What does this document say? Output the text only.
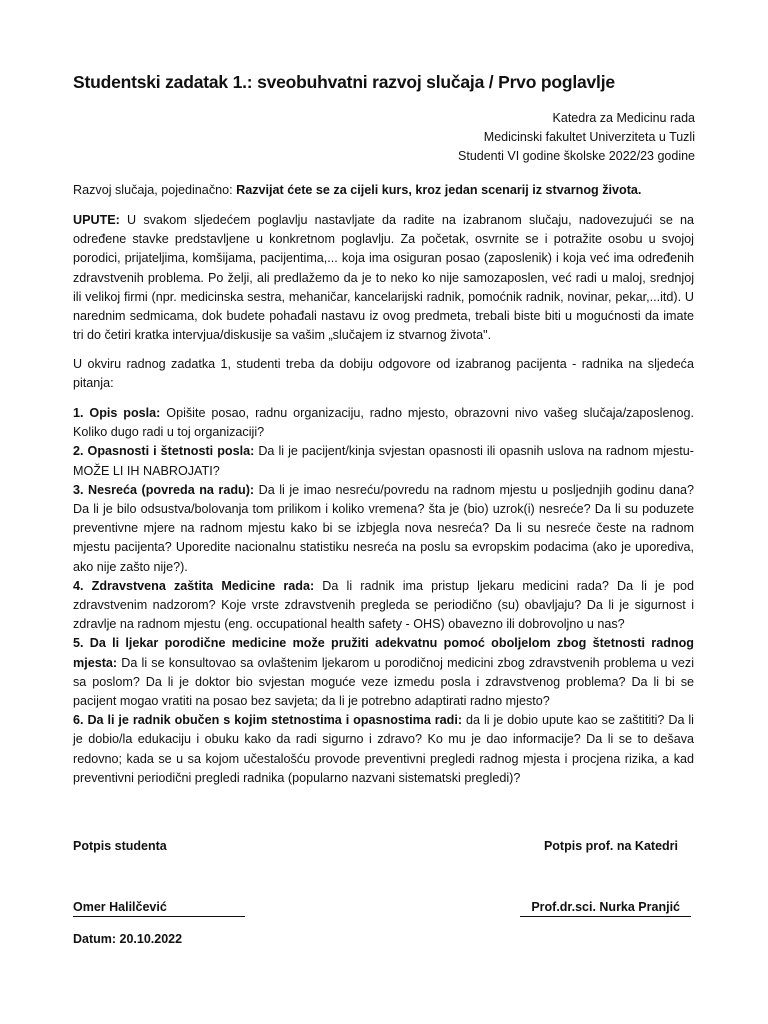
Studentski zadatak 1.: sveobuhvatni razvoj slučaja / Prvo poglavlje
Katedra za Medicinu rada
Medicinski fakultet Univerziteta u Tuzli
Studenti VI godine školske 2022/23 godine
Razvoj slučaja, pojedinačno: Razvijat ćete se za cijeli kurs, kroz jedan scenarij iz stvarnog života.
UPUTE: U svakom sljedećem poglavlju nastavljate da radite na izabranom slučaju, nadovezujući se na određene stavke predstavljene u konkretnom poglavlju. Za početak, osvrnite se i potražite osobu u svojoj porodici, prijateljima, komšijama, pacijentima,... koja ima osiguran posao (zaposlenik) i koja već ima određenih zdravstvenih problema. Po želji, ali predlažemo da je to neko ko nije samozaposlen, već radi u maloj, srednjoj ili velikoj firmi (npr. medicinska sestra, mehaničar, kancelarijski radnik, pomoćnik radnik, novinar, pekar,...itd). U narednim sedmicama, dok budete pohađali nastavu iz ovog predmeta, trebali biste biti u mogućnosti da imate tri do četiri kratka intervjua/diskusije sa vašim „slučajem iz stvarnog života".
U okviru radnog zadatka 1, studenti treba da dobiju odgovore od izabranog pacijenta - radnika na sljedeća pitanja:
1. Opis posla: Opišite posao, radnu organizaciju, radno mjesto, obrazovni nivo vašeg slučaja/zaposlenog. Koliko dugo radi u toj organizaciji?
2. Opasnosti i štetnosti posla: Da li je pacijent/kinja svjestan opasnosti ili opasnih uslova na radnom mjestu- MOŽE LI IH NABROJATI?
3. Nesreća (povreda na radu): Da li je imao nesreću/povredu na radnom mjestu u posljednjih godinu dana? Da li je bilo odsustva/bolovanja tom prilikom i koliko vremena? šta je (bio) uzrok(i) nesreće? Da li su poduzete preventivne mjere na radnom mjestu kako bi se izbjegla nova nesreća? Da li su nesreće česte na radnom mjestu pacijenta? Uporedite nacionalnu statistiku nesreća na poslu sa evropskim podacima (ako je uporediva, ako nije zašto nije?).
4. Zdravstvena zaštita Medicine rada: Da li radnik ima pristup ljekaru medicini rada? Da li je pod zdravstvenim nadzorom? Koje vrste zdravstvenih pregleda se periodično (su) obavljaju? Da li je sigurnost i zdravlje na radnom mjestu (eng. occupational health safety - OHS) obavezno ili dobrovoljno u nas?
5. Da li ljekar porodične medicine može pružiti adekvatnu pomoć oboljelom zbog štetnosti radnog mjesta: Da li se konsultovao sa ovlaštenim ljekarom u porodičnoj medicini zbog zdravstvenih problema u vezi sa poslom? Da li je doktor bio svjestan moguće veze izmedu posla i zdravstvenog problema? Da li bi se pacijent mogao vratiti na posao bez savjeta; da li je potrebno adaptirati radno mjesto?
6. Da li je radnik obučen s kojim stetnostima i opasnostima radi: da li je dobio upute kao se zaštititi? Da li je dobio/la edukaciju i obuku kako da radi sigurno i zdravo? Ko mu je dao informacije? Da li se to dešava redovno; kada se u sa kojom učestalošću provode preventivni pregledi radnog mjesta i procjena rizika, a kad preventivni periodični pregledi radnika (popularno nazvani sistematski pregledi)?
Potpis studenta	Potpis prof. na Katedri
Omer Halilčević	Prof.dr.sci. Nurka Pranjić
Datum: 20.10.2022
